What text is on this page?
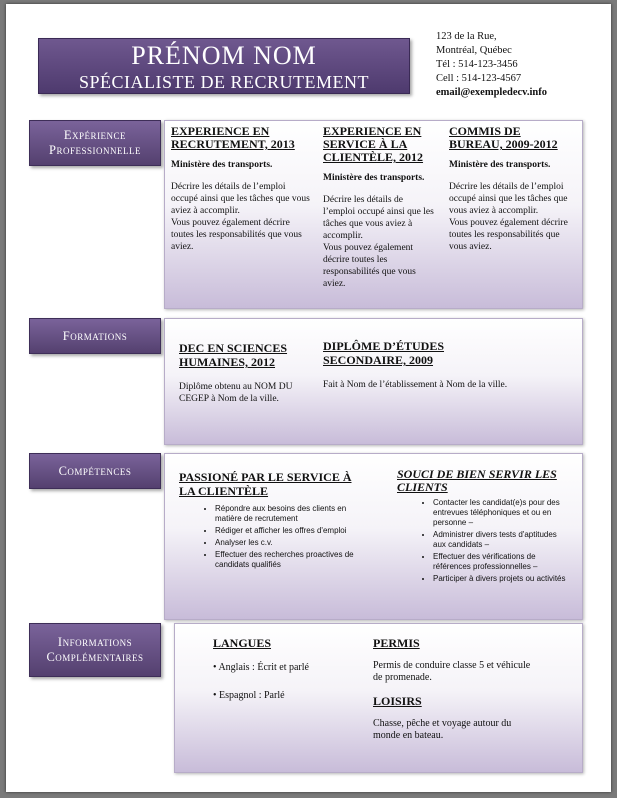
PRÉNOM NOM
SPÉCIALISTE DE RECRUTEMENT
123 de la Rue,
Montréal, Québec
Tél : 514-123-3456
Cell : 514-123-4567
email@exempledecv.info
Expérience
Professionnelle
EXPERIENCE EN RECRUTEMENT, 2013
Ministère des transports.

Décrire les détails de l’emploi occupé ainsi que les tâches que vous aviez à accomplir.

Vous pouvez également décrire toutes les responsabilités que vous aviez.

EXPERIENCE EN SERVICE À LA CLIENTÈLE, 2012
Ministère des transports.

Décrire les détails de l’emploi occupé ainsi que les tâches que vous aviez à accomplir.

Vous pouvez également décrire toutes les responsabilités que vous aviez.

COMMIS DE BUREAU, 2009-2012
Ministère des transports.

Décrire les détails de l’emploi occupé ainsi que les tâches que vous aviez à accomplir.

Vous pouvez également décrire toutes les responsabilités que vous aviez.

Formations
DEC EN SCIENCES HUMAINES, 2012

Diplôme obtenu au NOM DU CEGEP à Nom de la ville.

DIPLÔME D’ÉTUDES SECONDAIRE, 2009

Fait à Nom de l’établissement à Nom de la ville.

Compétences	PASSIONÉ PAR LE SERVICE À LA CLIENTÈLE
• Répondre aux besoins des clients en matière de recrutement
• Rédiger et afficher les offres d'emploi
• Analyser les c.v.
• Effectuer des recherches proactives de candidats qualifiés
SOUCI DE BIEN SERVIR LES CLIENTS
• Contacter les candidat(e)s pour des entrevues téléphoniques et ou en personne –
• Administrer divers tests d'aptitudes aux candidats –
• Effectuer des vérifications de références professionnelles –
• Participer à divers projets ou activités
Informations
Complémentaires
LANGUES
• Anglais : Écrit et parlé
• Espagnol : Parlé
PERMIS

Permis de conduire classe 5 et véhicule de promenade.

LOISIRS

Chasse, pêche et voyage autour du monde en bateau.
